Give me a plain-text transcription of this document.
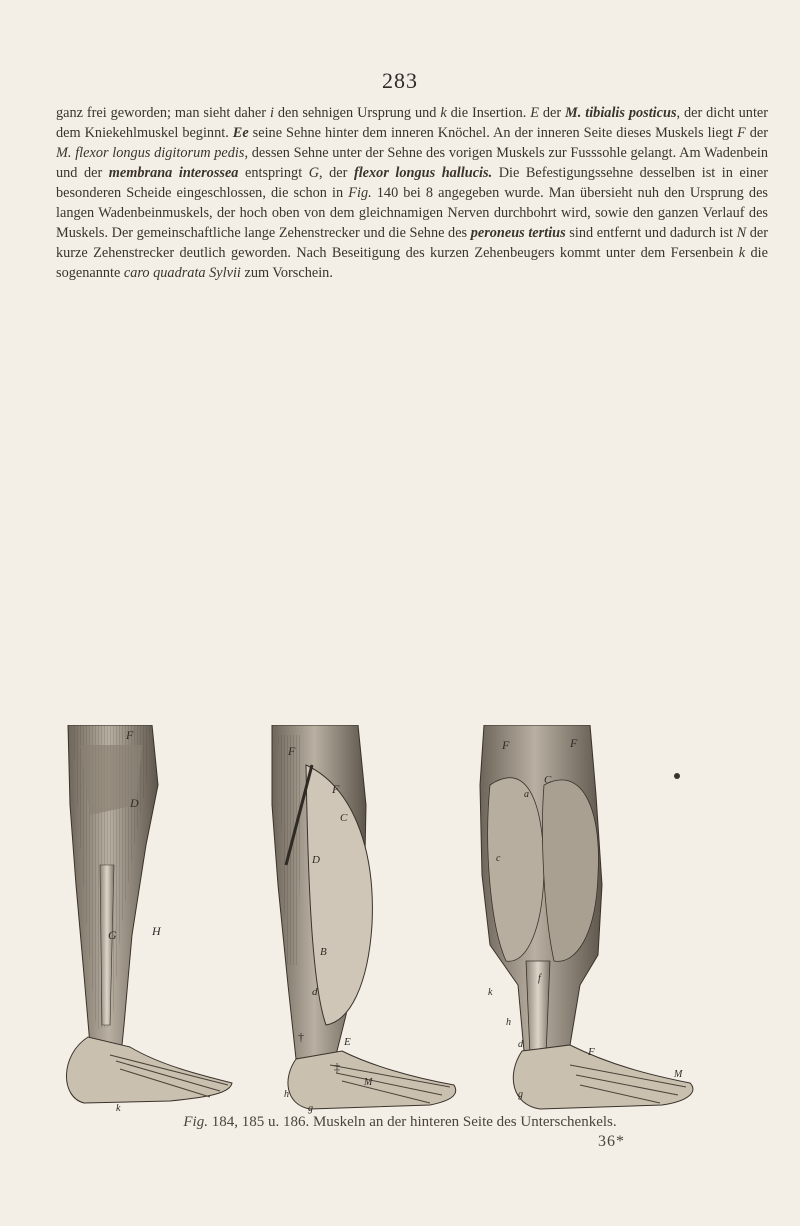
283
ganz frei geworden; man sieht daher i den sehnigen Ursprung und k die Insertion. E der M. tibialis posticus, der dicht unter dem Kniekehlmuskel beginnt. Ee seine Sehne hinter dem inneren Knöchel. An der inneren Seite dieses Muskels liegt F der M. flexor longus digitorum pedis, dessen Sehne unter der Sehne des vorigen Muskels zur Fusssohle gelangt. Am Wadenbein und der membrana interossea entspringt G, der flexor longus hallucis. Die Befestigungssehne desselben ist in einer besonderen Scheide eingeschlossen, die schon in Fig. 140 bei 8 angegeben wurde. Man übersieht nuh den Ursprung des langen Wadenbeinmuskels, der hoch oben von dem gleichnamigen Nerven durchbohrt wird, sowie den ganzen Verlauf des Muskels. Der gemeinschaftliche lange Zehenstrecker und die Sehne des peroneus tertius sind entfernt und dadurch ist N der kurze Zehenstrecker deutlich geworden. Nach Beseitigung des kurzen Zehenbeugers kommt unter dem Fersenbein k die sogenannte caro quadrata Sylvii zum Vorschein.
F
D
G	H
k
F
F
C
D
B
d
E
†
‡
M
h
g
F	F
C
a
c
f
k
F
h
d
M
g
Fig. 184, 185 u. 186. Muskeln an der hinteren Seite des Unterschenkels.
36*
